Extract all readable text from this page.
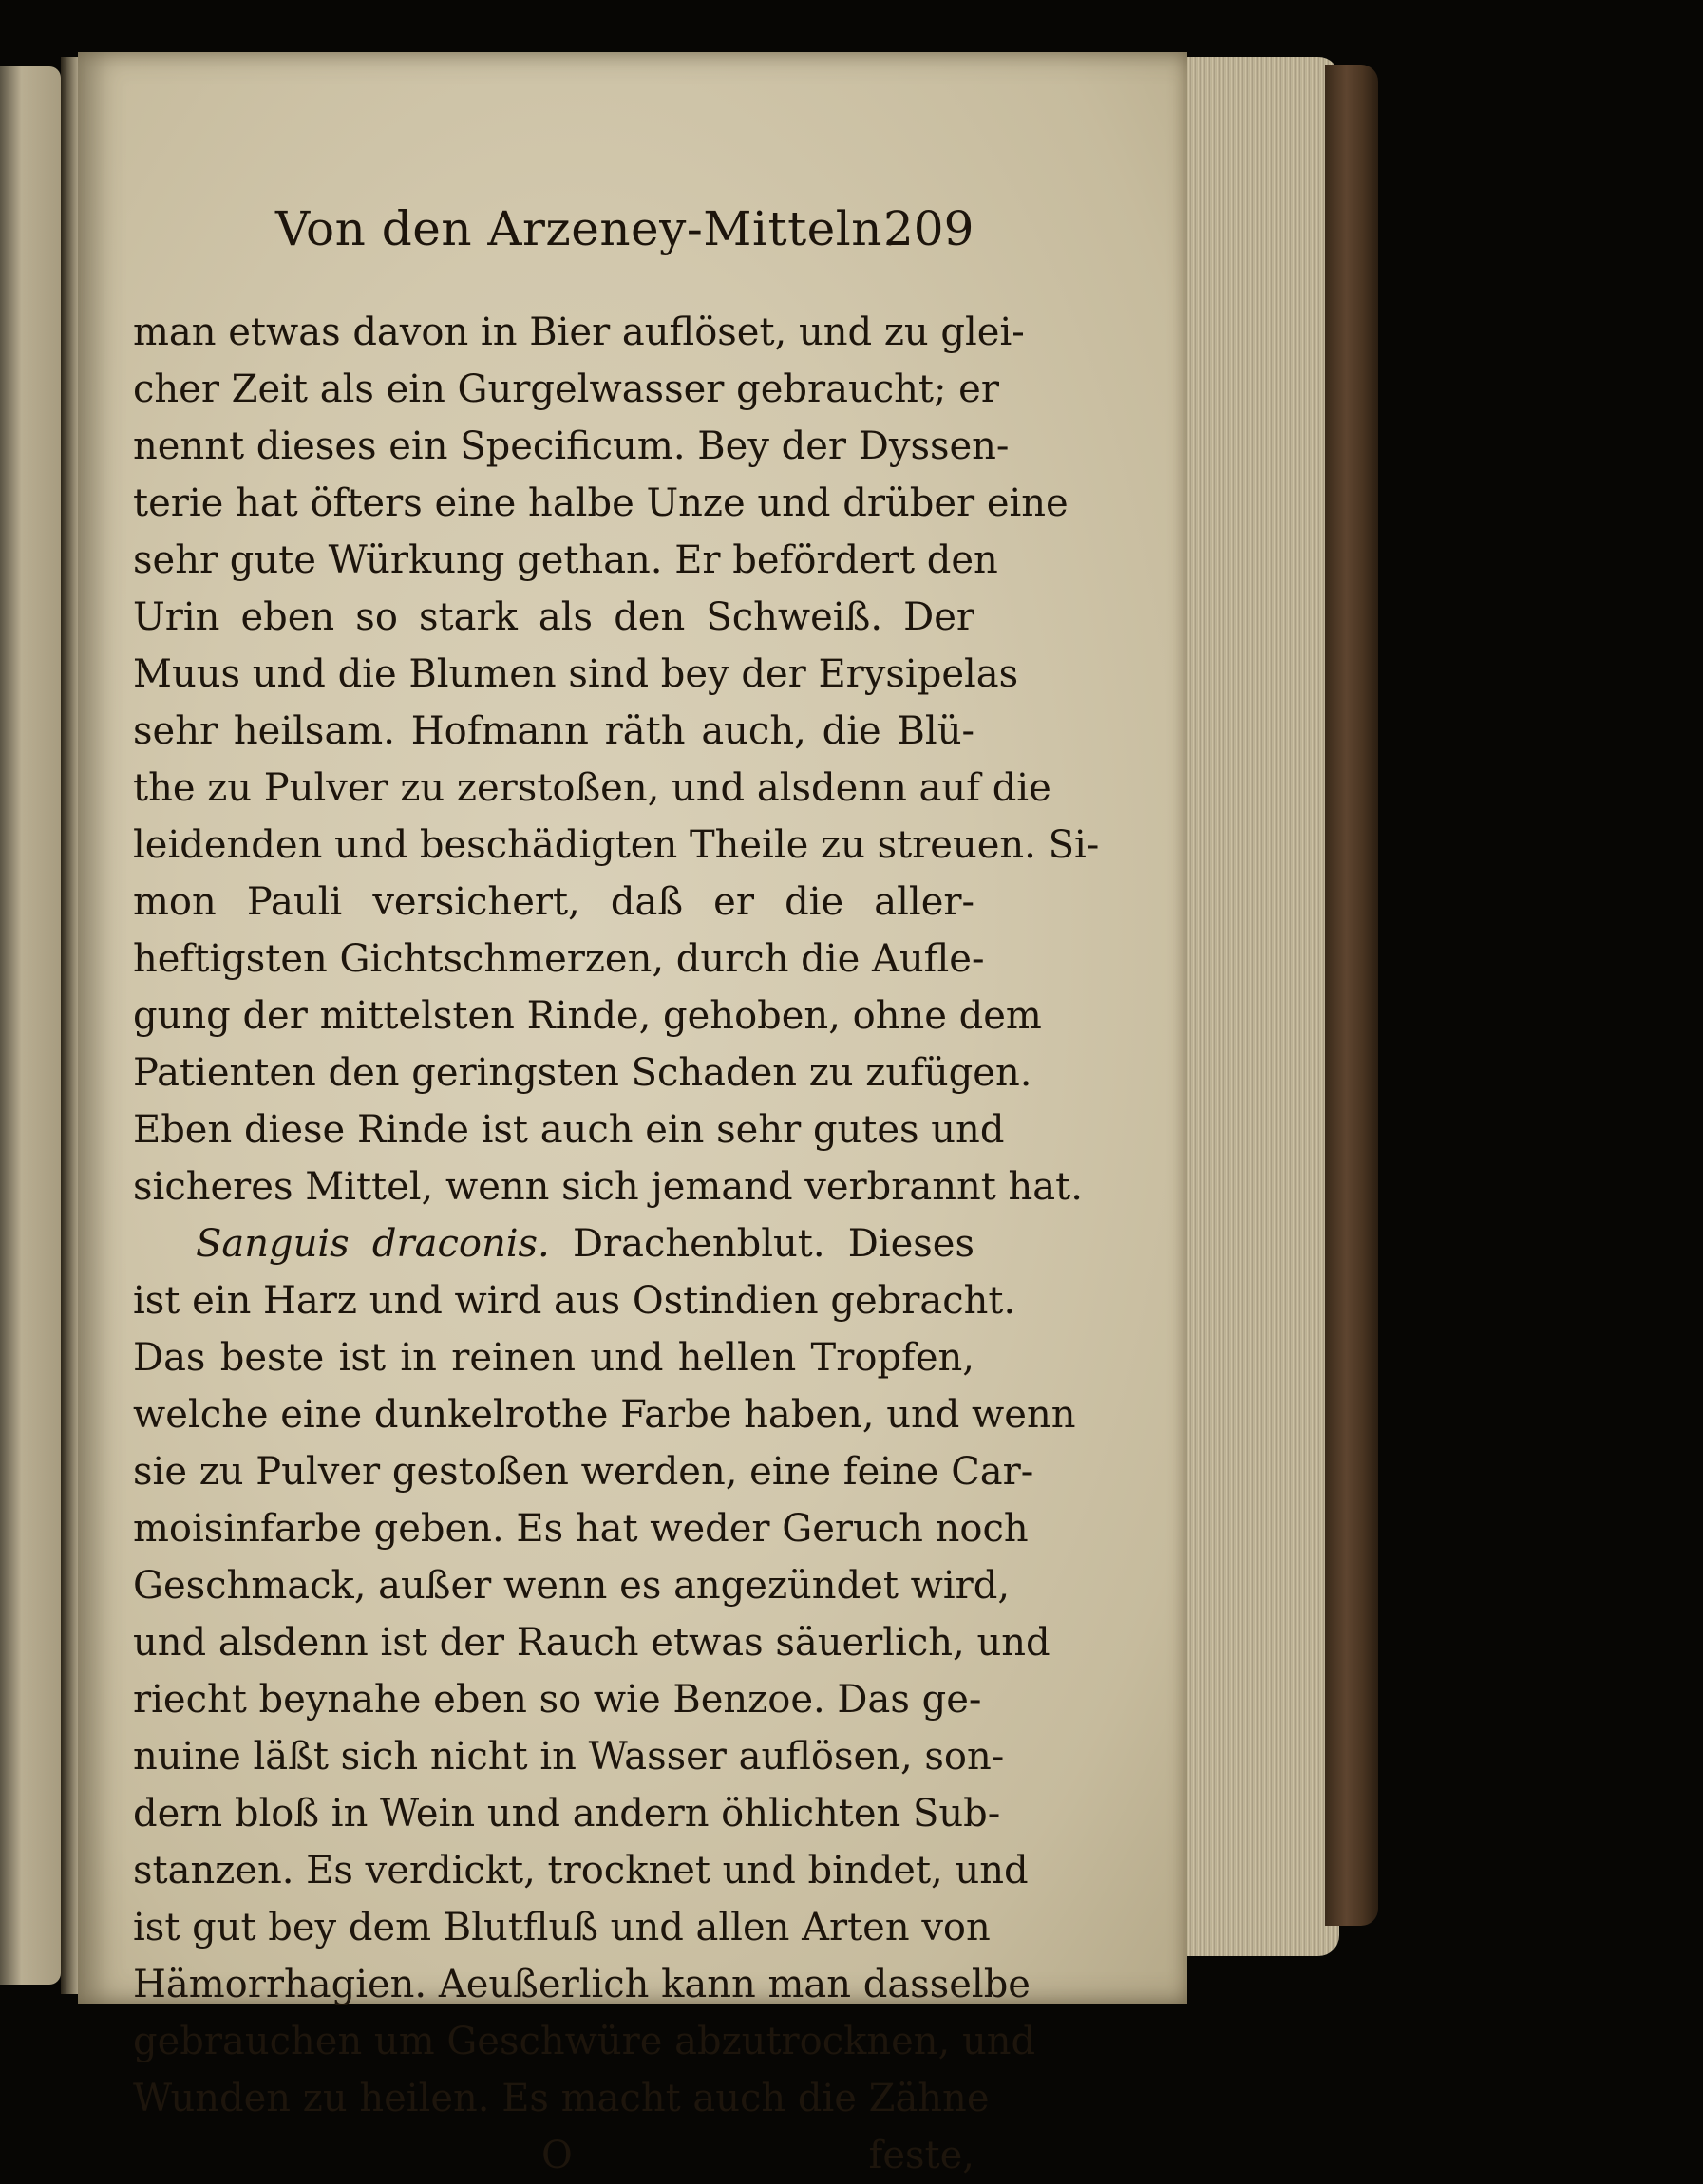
Von den Arzeney-Mitteln.
209
man etwas davon in Bier auflöset, und zu glei-
cher Zeit als ein Gurgelwasser gebraucht; er
nennt dieses ein Specificum. Bey der Dyssen-
terie hat öfters eine halbe Unze und drüber eine
sehr gute Würkung gethan. Er befördert den
Urin eben so stark als den Schweiß. Der
Muus und die Blumen sind bey der Erysipelas
sehr heilsam. Hofmann räth auch, die Blü-
the zu Pulver zu zerstoßen, und alsdenn auf die
leidenden und beschädigten Theile zu streuen. Si-
mon Pauli versichert, daß er die aller-
heftigsten Gichtschmerzen, durch die Aufle-
gung der mittelsten Rinde, gehoben, ohne dem
Patienten den geringsten Schaden zu zufügen.
Eben diese Rinde ist auch ein sehr gutes und
sicheres Mittel, wenn sich jemand verbrannt hat.
Sanguis draconis. Drachenblut. Dieses
ist ein Harz und wird aus Ostindien gebracht.
Das beste ist in reinen und hellen Tropfen,
welche eine dunkelrothe Farbe haben, und wenn
sie zu Pulver gestoßen werden, eine feine Car-
moisinfarbe geben. Es hat weder Geruch noch
Geschmack, außer wenn es angezündet wird,
und alsdenn ist der Rauch etwas säuerlich, und
riecht beynahe eben so wie Benzoe. Das ge-
nuine läßt sich nicht in Wasser auflösen, son-
dern bloß in Wein und andern öhlichten Sub-
stanzen. Es verdickt, trocknet und bindet, und
ist gut bey dem Blutfluß und allen Arten von
Hämorrhagien. Aeußerlich kann man dasselbe
gebrauchen um Geschwüre abzutrocknen, und
Wunden zu heilen. Es macht auch die Zähne
O	feste,
